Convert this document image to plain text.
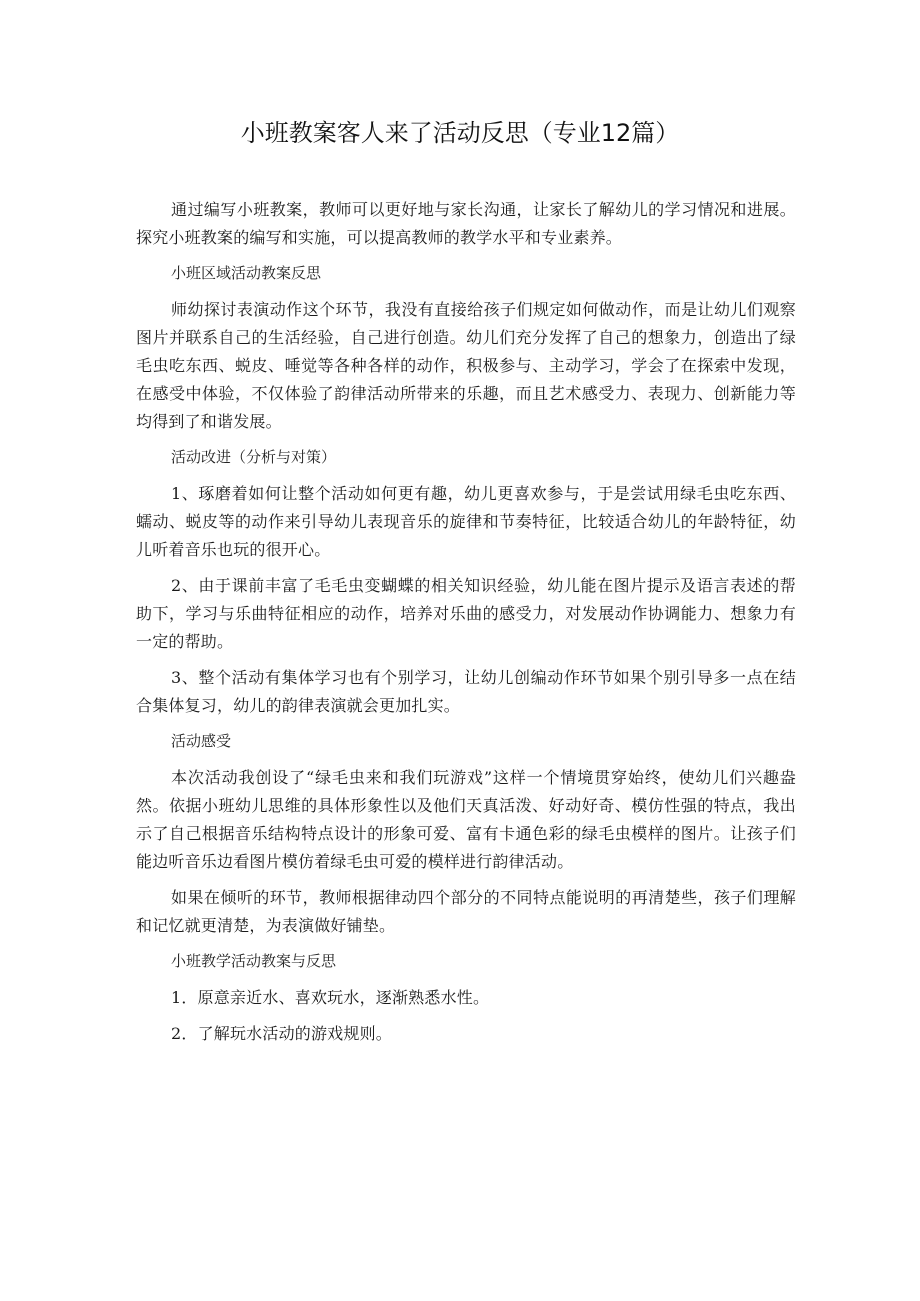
小班教案客人来了活动反思（专业12篇）

通过编写小班教案，教师可以更好地与家长沟通，让家长了解幼儿的学习情况和进展。探究小班教案的编写和实施，可以提高教师的教学水平和专业素养。

小班区域活动教案反思

师幼探讨表演动作这个环节，我没有直接给孩子们规定如何做动作，而是让幼儿们观察图片并联系自己的生活经验，自己进行创造。幼儿们充分发挥了自己的想象力，创造出了绿毛虫吃东西、蜕皮、唾觉等各种各样的动作，积极参与、主动学习，学会了在探索中发现，在感受中体验，不仅体验了韵律活动所带来的乐趣，而且艺术感受力、表现力、创新能力等均得到了和谐发展。

活动改进（分析与对策）

1、琢磨着如何让整个活动如何更有趣，幼儿更喜欢参与，于是尝试用绿毛虫吃东西、蠕动、蜕皮等的动作来引导幼儿表现音乐的旋律和节奏特征，比较适合幼儿的年龄特征，幼儿听着音乐也玩的很开心。

2、由于课前丰富了毛毛虫变蝴蝶的相关知识经验，幼儿能在图片提示及语言表述的帮助下，学习与乐曲特征相应的动作，培养对乐曲的感受力，对发展动作协调能力、想象力有一定的帮助。

3、整个活动有集体学习也有个别学习，让幼儿创编动作环节如果个别引导多一点在结合集体复习，幼儿的韵律表演就会更加扎实。

活动感受

本次活动我创设了“绿毛虫来和我们玩游戏”这样一个情境贯穿始终，使幼儿们兴趣盎然。依据小班幼儿思维的具体形象性以及他们天真活泼、好动好奇、模仿性强的特点，我出示了自己根据音乐结构特点设计的形象可爱、富有卡通色彩的绿毛虫模样的图片。让孩子们能边听音乐边看图片模仿着绿毛虫可爱的模样进行韵律活动。

如果在倾听的环节，教师根据律动四个部分的不同特点能说明的再清楚些，孩子们理解和记忆就更清楚，为表演做好铺垫。

小班教学活动教案与反思

1．原意亲近水、喜欢玩水，逐渐熟悉水性。

2．了解玩水活动的游戏规则。
